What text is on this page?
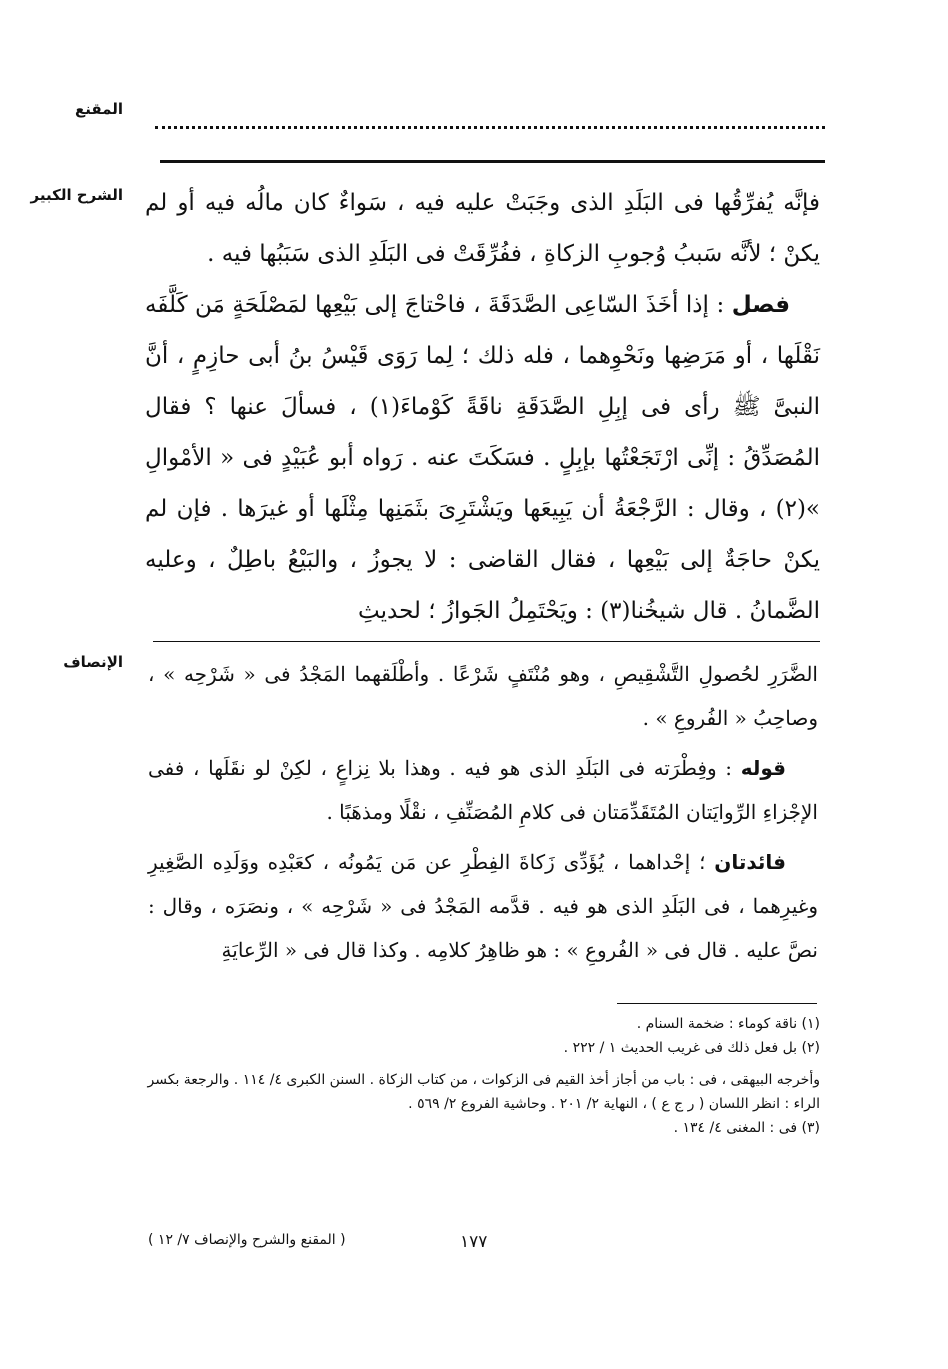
المقنع
الشرح الكبير فإنَّه يُفرِّقُها فى البَلَدِ الذى وجَبَتْ عليه فيه ، سَواءٌ كان مالُه فيه أو لم يكنْ ؛ لأنَّه سَببُ وُجوبِ الزكاةِ ، ففُرِّقَتْ فى البَلَدِ الذى سَبَبُها فيه .

فصل : إذا أخَذَ السّاعِى الصَّدَقَةَ ، فاحْتاجَ إلى بَيْعِها لمَصْلَحَةٍ مَن كَلَّفَه نَقْلَها ، أو مَرَضِها ونَحْوِهما ، فله ذلك ؛ لِما رَوَى قَيْسُ بنُ أبى حازِمٍ ، أنَّ النبىَّ ﷺ رأى فى إبِلِ الصَّدَقَةِ ناقَةً كَوْماءَ(١) ، فسألَ عنها ؟ فقال المُصَدِّقُ : إنِّى ارْتَجَعْتُها بإبِلٍ . فسَكَتَ عنه . رَواه أبو عُبَيْدٍ فى « الأمْوالِ »(٢) ، وقال : الرَّجْعَةُ أن يَبِيعَها ويَشْتَرِىَ بثَمَنِها مِثْلَها أو غيرَها . فإن لم يكنْ حاجَةٌ إلى بَيْعِها ، فقال القاضى : لا يجوزُ ، والبَيْعُ باطِلٌ ، وعليه الضَّمانُ . قال شيخُنا(٣) : ويَحْتَمِلُ الجَوازُ ؛ لحديثِ

الإنصاف الضَّرَرِ لحُصولِ التَّشْقِيصِ ، وهو مُنْتَفٍ شَرْعًا . وأطْلَقهما المَجْدُ فى « شَرْحِه » ، وصاحِبُ « الفُروعِ » .

قوله : وفِطْرَته فى البَلَدِ الذى هو فيه . وهذا بلا نِزاعٍ ، لكِنْ لو نقَلَها ، ففى الإجْزاءِ الرِّوايَتان المُتَقَدِّمَتان فى كلامِ المُصَنِّفِ ، نقْلًا ومذهَبًا .

فائدتان ؛ إحْداهما ، يُؤَدِّى زَكاةَ الفِطْرِ عن مَن يَمُونُه ، كعَبْدِه ووَلَدِه الصَّغِيرِ وغيرِهما ، فى البَلَدِ الذى هو فيه . قدَّمه المَجْدُ فى « شَرْحِه » ، ونصَرَه ، وقال : نصَّ عليه . قال فى « الفُروعِ » : هو ظاهِرُ كلامِه . وكذا قال فى « الرِّعايَةِ

(١) ناقة كوماء : ضخمة السنام .

(٢) بل فعل ذلك فى غريب الحديث ١ / ٢٢٢ .

وأخرجه البيهقى ، فى : باب من أجاز أخذ القيم فى الزكوات ، من كتاب الزكاة . السنن الكبرى ٤/ ١١٤ . والرجعة بكسر الراء : انظر اللسان ( ر ج ع ) ، النهاية ٢/ ٢٠١ . وحاشية الفروع ٢/ ٥٦٩ .

(٣) فى : المغنى ٤/ ١٣٤ .

١٧٧
( المقنع والشرح والإنصاف ٧/ ١٢ )
